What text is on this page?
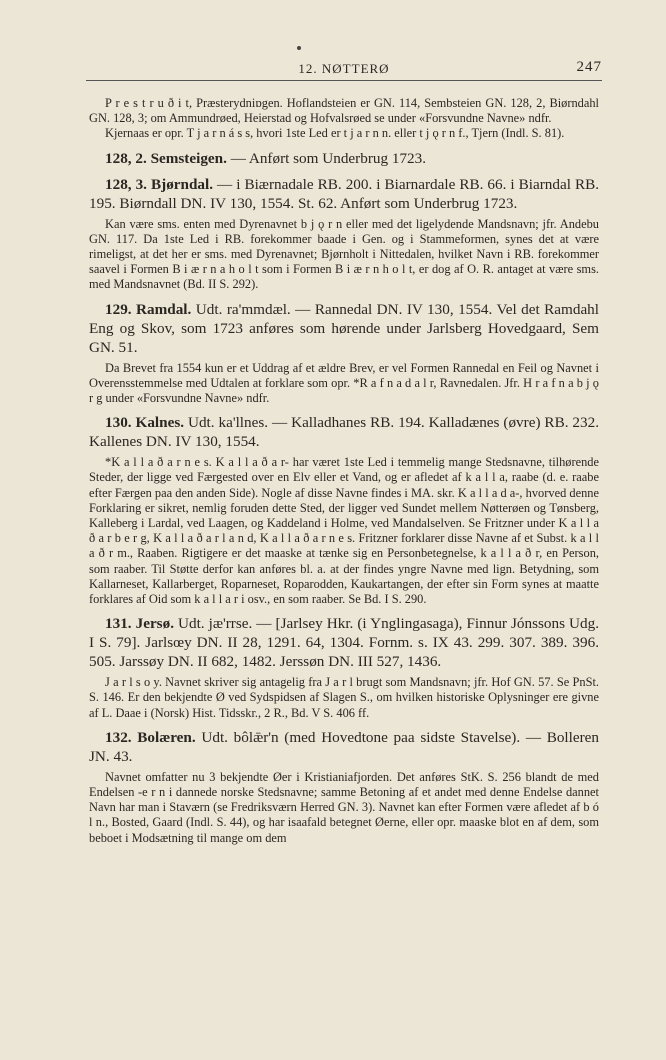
12. NØTTERØ	247

P r e s t r u ð i t, Præsterydniɒgen. Hoflandsteien er GN. 114, Sembsteien GN. 128, 2, Biørndahl GN. 128, 3; om Ammundrøed, Heierstad og Hofvalsrøed se under «Forsvundne Navne» ndfr.

Kjernaas er opr. T j a r n á s s, hvori 1ste Led er t j a r n n. eller t j ǫ r n f., Tjern (Indl. S. 81).

128, 2. Semsteigen. — Anført som Underbrug 1723.

128, 3. Bjørndal. — i Biærnadale RB. 200. i Biarnardale RB. 66. i Biarndal RB. 195. Biørndall DN. IV 130, 1554. St. 62. Anført som Underbrug 1723.

Kan være sms. enten med Dyrenavnet b j ǫ r n eller med det ligelydende Mandsnavn; jfr. Andebu GN. 117. Da 1ste Led i RB. forekommer baade i Gen. og i Stammeformen, synes det at være rimeligst, at det her er sms. med Dyrenavnet; Bjørnholt i Nittedalen, hvilket Navn i RB. forekommer saavel i Formen B i æ r n a h o l t som i Formen B i æ r n h o l t, er dog af O. R. antaget at være sms. med Mandsnavnet (Bd. II S. 292).

129. Ramdal. Udt. ra'mmdæl. — Rannedal DN. IV 130, 1554. Vel det Ramdahl Eng og Skov, som 1723 anføres som hørende under Jarlsberg Hovedgaard, Sem GN. 51.

Da Brevet fra 1554 kun er et Uddrag af et ældre Brev, er vel Formen Rannedal en Feil og Navnet i Overensstemmelse med Udtalen at forklare som opr. *R a f n a d a l r, Ravnedalen. Jfr. H r a f n a b j ǫ r g under «Forsvundne Navne» ndfr.

130. Kalnes. Udt. ka'llnes. — Kalladhanes RB. 194. Kalladænes (øvre) RB. 232. Kallenes DN. IV 130, 1554.

*K a l l a ð a r n e s. K a l l a ð a r- har været 1ste Led i temmelig mange Stedsnavne, tilhørende Steder, der ligge ved Færgested over en Elv eller et Vand, og er afledet af k a l l a, raabe (d. e. raabe efter Færgen paa den anden Side). Nogle af disse Navne findes i MA. skr. K a l l a d a-, hvorved denne Forklaring er sikret, nemlig foruden dette Sted, der ligger ved Sundet mellem Nøtterøen og Tønsberg, Kalleberg i Lardal, ved Laagen, og Kaddeland i Holme, ved Mandalselven. Se Fritzner under K a l l a ð a r b e r g, K a l l a ð a r l a n d, K a l l a ð a r n e s. Fritzner forklarer disse Navne af et Subst. k a l l a ð r m., Raaben. Rigtigere er det maaske at tænke sig en Personbetegnelse, k a l l a ð r, en Person, som raaber. Til Støtte derfor kan anføres bl. a. at der findes yngre Navne med lign. Betydning, som Kallarneset, Kallarberget, Roparneset, Roparodden, Kaukartangen, der efter sin Form synes at maatte forklares af Oid som k a l l a r i osv., en som raaber. Se Bd. I S. 290.

131. Jersø. Udt. jæ'rrse. — [Jarlsey Hkr. (i Ynglingasaga), Finnur Jónssons Udg. I S. 79]. Jarlsœy DN. II 28, 1291. 64, 1304. Fornm. s. IX 43. 299. 307. 389. 396. 505. Jarssøy DN. II 682, 1482. Jerssøn DN. III 527, 1436.

J a r l s o y. Navnet skriver sig antagelig fra J a r l brugt som Mandsnavn; jfr. Hof GN. 57. Se PnSt. S. 146. Er den bekjendte Ø ved Sydspidsen af Slagen S., om hvilken historiske Oplysninger ere givne af L. Daae i (Norsk) Hist. Tidsskr., 2 R., Bd. V S. 406 ff.

132. Bolæren. Udt. bôlǣr'n (med Hovedtone paa sidste Stavelse). — Bolleren JN. 43.

Navnet omfatter nu 3 bekjendte Øer i Kristianiafjorden. Det anføres StK. S. 256 blandt de med Endelsen -e r n i dannede norske Stedsnavne; samme Betoning af et andet med denne Endelse dannet Navn har man i Staværn (se Fredriksværn Herred GN. 3). Navnet kan efter Formen være afledet af b ó l n., Bosted, Gaard (Indl. S. 44), og har isaafald betegnet Øerne, eller opr. maaske blot en af dem, som beboet i Modsætning til mange om dem
